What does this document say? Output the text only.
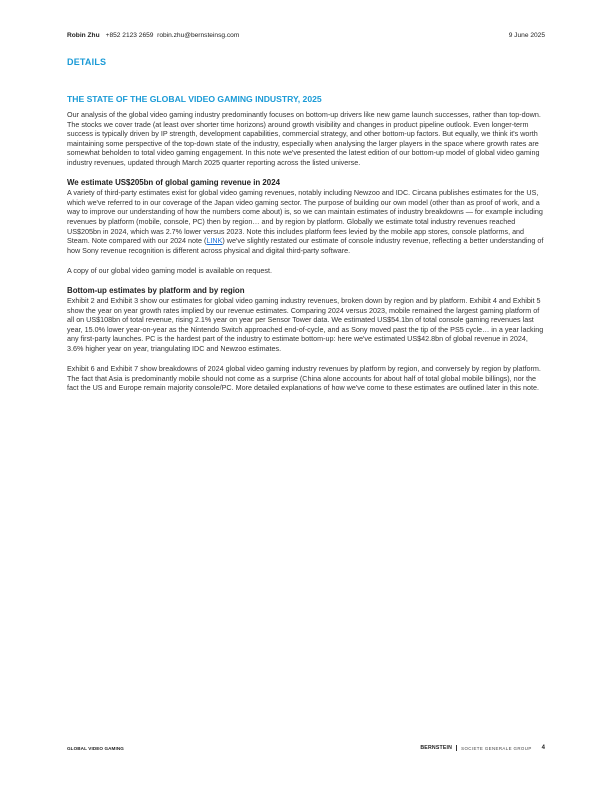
Robin Zhu +852 2123 2659 robin.zhu@bernsteinsg.com	9 June 2025
DETAILS
THE STATE OF THE GLOBAL VIDEO GAMING INDUSTRY, 2025

Our analysis of the global video gaming industry predominantly focuses on bottom-up drivers like new game launch successes, rather than top-down. The stocks we cover trade (at least over shorter time horizons) around growth visibility and changes in product pipeline outlook. Even longer-term success is typically driven by IP strength, development capabilities, commercial strategy, and other bottom-up factors. But equally, we think it's worth maintaining some perspective of the top-down state of the industry, especially when analysing the larger players in the space where growth rates are somewhat beholden to total video gaming engagement. In this note we've presented the latest edition of our bottom-up model of global video gaming industry revenues, updated through March 2025 quarter reporting across the listed universe.

We estimate US$205bn of global gaming revenue in 2024

A variety of third-party estimates exist for global video gaming revenues, notably including Newzoo and IDC. Circana publishes estimates for the US, which we've referred to in our coverage of the Japan video gaming sector. The purpose of building our own model (other than as proof of work, and a way to improve our understanding of how the numbers come about) is, so we can maintain estimates of industry breakdowns — for example including revenues by platform (mobile, console, PC) then by region… and by region by platform. Globally we estimate total industry revenues reached US$205bn in 2024, which was 2.7% lower versus 2023. Note this includes platform fees levied by the mobile app stores, console platforms, and Steam. Note compared with our 2024 note (LINK) we've slightly restated our estimate of console industry revenue, reflecting a better understanding of how Sony revenue recognition is different across physical and digital third-party software.

A copy of our global video gaming model is available on request.

Bottom-up estimates by platform and by region

Exhibit 2 and Exhibit 3 show our estimates for global video gaming industry revenues, broken down by region and by platform. Exhibit 4 and Exhibit 5 show the year on year growth rates implied by our revenue estimates. Comparing 2024 versus 2023, mobile remained the largest gaming platform of all on US$108bn of total revenue, rising 2.1% year on year per Sensor Tower data. We estimated US$54.1bn of total console gaming revenues last year, 15.0% lower year-on-year as the Nintendo Switch approached end-of-cycle, and as Sony moved past the tip of the PS5 cycle… in a year lacking any first-party launches. PC is the hardest part of the industry to estimate bottom-up: here we've estimated US$42.8bn of global revenue in 2024, 3.6% higher year on year, triangulating IDC and Newzoo estimates.

Exhibit 6 and Exhibit 7 show breakdowns of 2024 global video gaming industry revenues by platform by region, and conversely by region by platform. The fact that Asia is predominantly mobile should not come as a surprise (China alone accounts for about half of total global mobile billings), nor the fact the US and Europe remain majority console/PC. More detailed explanations of how we've come to these estimates are outlined later in this note.

GLOBAL VIDEO GAMING	BERNSTEIN SOCIETE GENERALE GROUP 4
